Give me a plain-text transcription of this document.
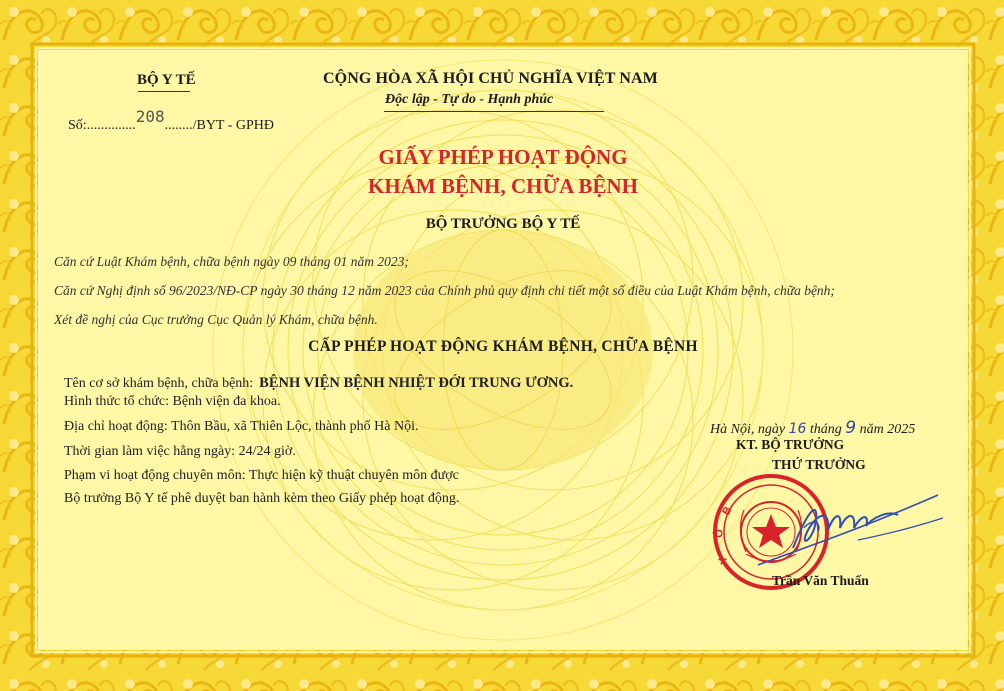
BỘ Y TẾ	CỘNG HÒA XÃ HỘI CHỦ NGHĨA VIỆT NAM
Độc lập - Tự do - Hạnh phúc
Số:..............208......../BYT - GPHĐ
GIẤY PHÉP HOẠT ĐỘNG
KHÁM BỆNH, CHỮA BỆNH
BỘ TRƯỞNG BỘ Y TẾ
Căn cứ Luật Khám bệnh, chữa bệnh ngày 09 tháng 01 năm 2023;
Căn cứ Nghị định số 96/2023/NĐ-CP ngày 30 tháng 12 năm 2023 của Chính phủ quy định chi tiết một số điều của Luật Khám bệnh, chữa bệnh;
Xét đề nghị của Cục trưởng Cục Quản lý Khám, chữa bệnh.
CẤP PHÉP HOẠT ĐỘNG KHÁM BỆNH, CHỮA BỆNH
Tên cơ sở khám bệnh, chữa bệnh: BỆNH VIỆN BỆNH NHIỆT ĐỚI TRUNG ƯƠNG.
Hình thức tổ chức: Bệnh viện đa khoa.
Địa chỉ hoạt động: Thôn Bầu, xã Thiên Lộc, thành phố Hà Nội.
Thời gian làm việc hằng ngày: 24/24 giờ.
Phạm vi hoạt động chuyên môn: Thực hiện kỹ thuật chuyên môn được
Bộ trưởng Bộ Y tế phê duyệt ban hành kèm theo Giấy phép hoạt động.
Hà Nội, ngày 16 tháng 9 năm 2025
B
Ộ
Y
KT. BỘ TRƯỞNG
THỨ TRƯỞNG
Trần Văn Thuấn
